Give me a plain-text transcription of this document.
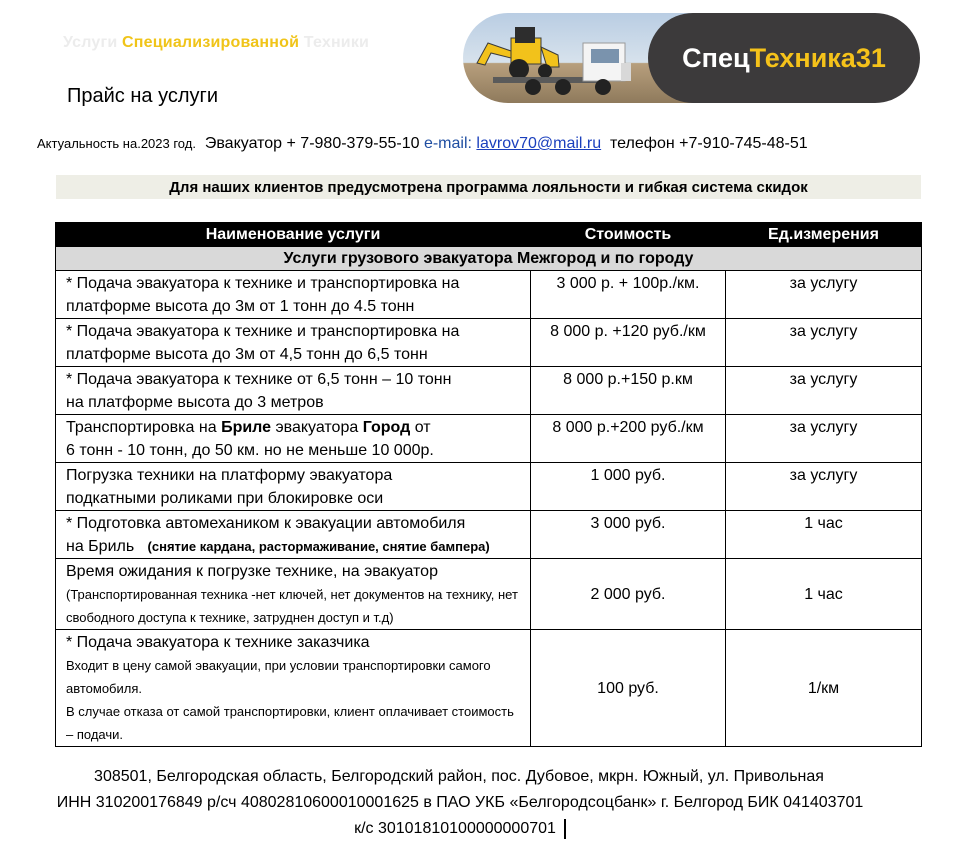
Услуги Специализированной Техники
Прайс на услуги
Спец Техника31
Актуальность на.2023 год. Эвакуатор + 7-980-379-55-10 e-mail: lavrov70@mail.ru телефон +7-910-745-48-51
Для наших клиентов предусмотрена программа лояльности и гибкая система скидок
Наименование услуги	Стоимость	Ед.измерения
Услуги грузового эвакуатора Межгород и по городу		
* Подача эвакуатора к технике и транспортировка на
платформе высота до 3м от 1 тонн до 4.5 тонн	3 000 р. + 100р./км.	за услугу
* Подача эвакуатора к технике и транспортировка на
платформе высота до 3м от 4,5 тонн до 6,5 тонн	8 000 р. +120 руб./км	за услугу
* Подача эвакуатора к технике от 6,5 тонн – 10 тонн
на платформе высота до 3 метров	8 000 р.+150 р.км	за услугу
Транспортировка на Бриле эвакуатора Город от
6 тонн - 10 тонн, до 50 км. но не меньше 10 000р.	8 000 р.+200 руб./км	за услугу
Погрузка техники на платформу эвакуатора
подкатными роликами при блокировке оси	1 000 руб.	за услугу
* Подготовка автомехаником к эвакуации автомобиля
на Бриль (снятие кардана, растормаживание, снятие бампера)	3 000 руб.	1 час
Время ожидания к погрузке технике, на эвакуатор
(Транспортированная техника -нет ключей, нет документов на технику, нет свободного доступа к технике, затруднен доступ и т.д)	2 000 руб.	1 час
* Подача эвакуатора к технике заказчика
Входит в цену самой эвакуации, при условии транспортировки самого автомобиля.
В случае отказа от самой транспортировки, клиент оплачивает стоимость – подачи.	100 руб.	1/км
308501, Белгородская область, Белгородский район, пос. Дубовое, мкрн. Южный, ул. Привольная
ИНН 310200176849 р/сч 40802810600010001625 в ПАО УКБ «Белгородсоцбанк» г. Белгород БИК 041403701
к/с 30101810100000000701
